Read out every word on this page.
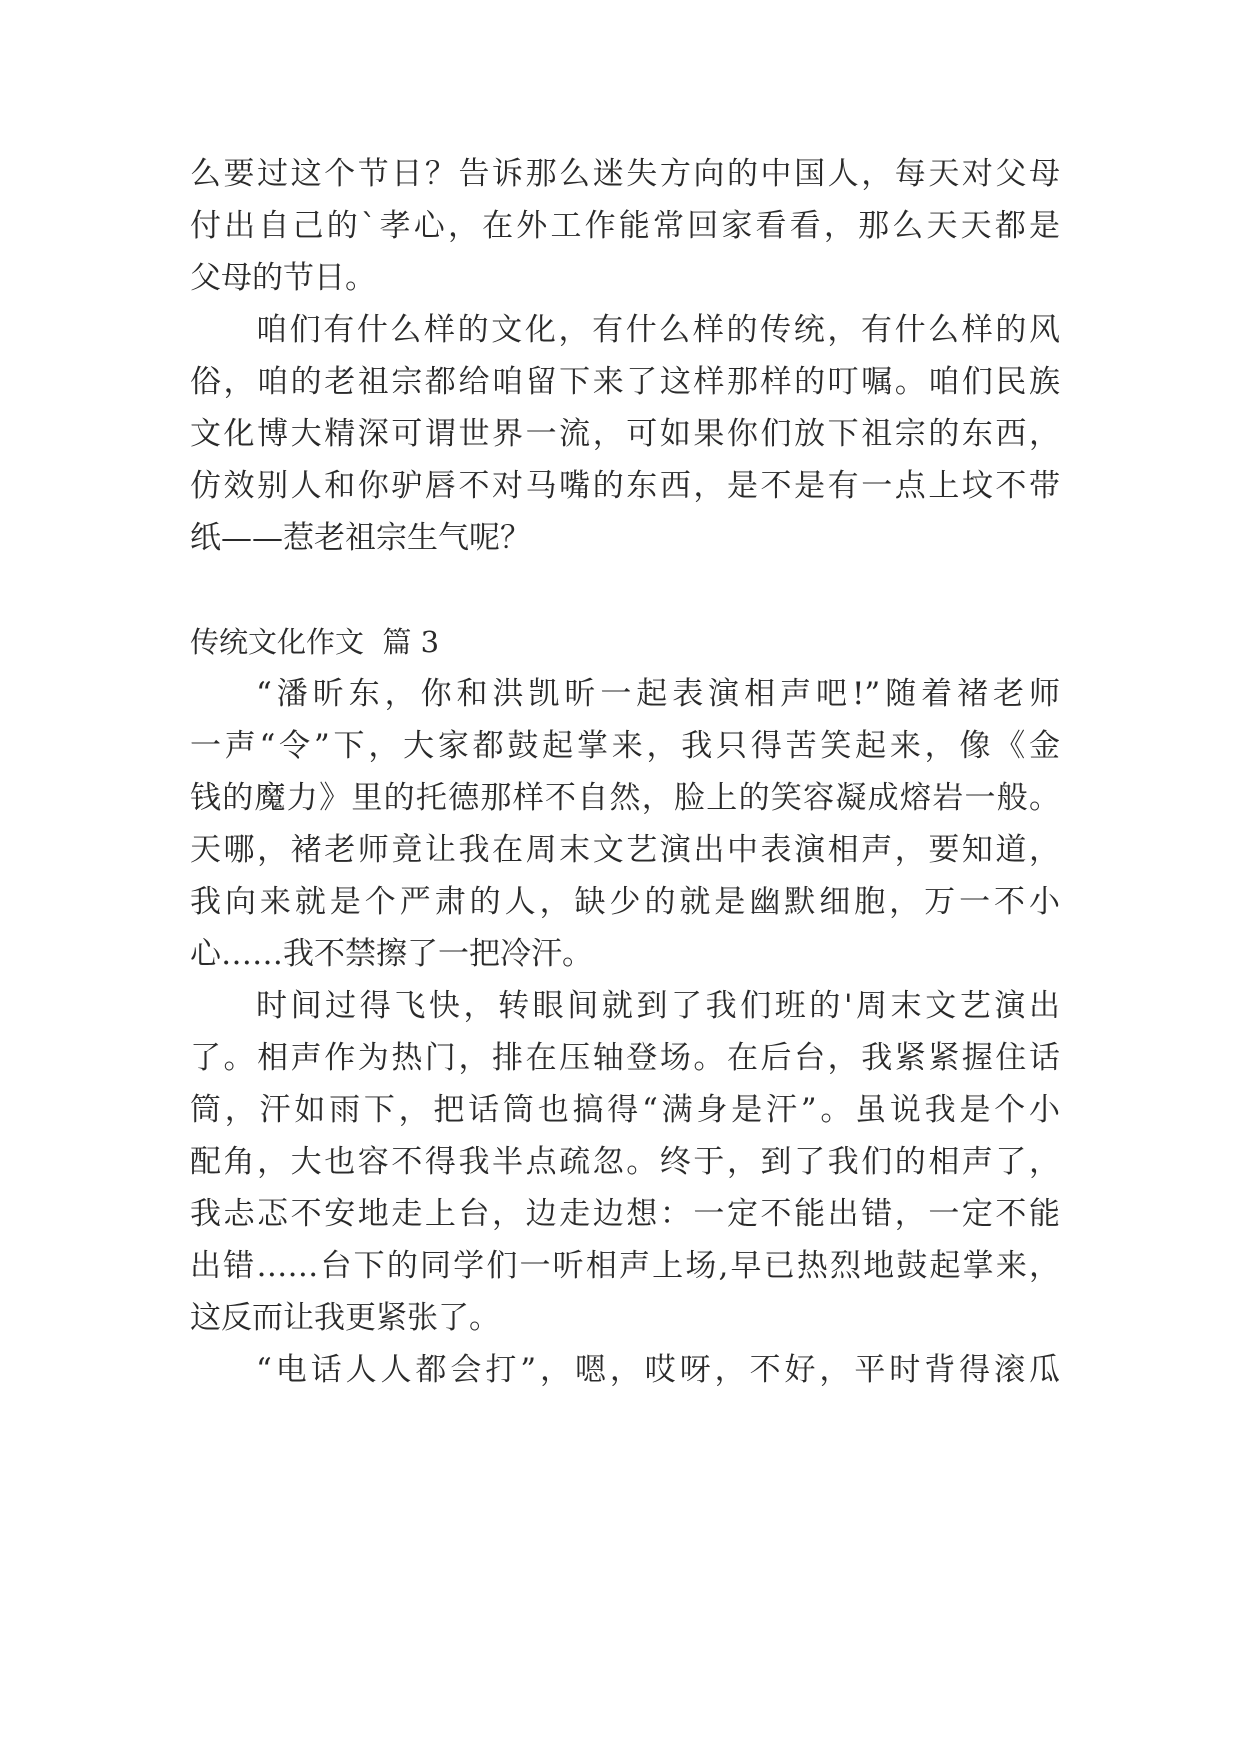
么要过这个节日？告诉那么迷失方向的中国人，每天对父母
付出自己的`孝心，在外工作能常回家看看，那么天天都是
父母的节日。
咱们有什么样的文化，有什么样的传统，有什么样的风
俗，咱的老祖宗都给咱留下来了这样那样的叮嘱。咱们民族
文化博大精深可谓世界一流，可如果你们放下祖宗的东西，
仿效别人和你驴唇不对马嘴的东西，是不是有一点上坟不带
纸——惹老祖宗生气呢？
传统文化作文  篇 3
“潘昕东，你和洪凯昕一起表演相声吧!”随着褚老师
一声“令”下，大家都鼓起掌来，我只得苦笑起来，像《金
钱的魔力》里的托德那样不自然，脸上的笑容凝成熔岩一般。
天哪，褚老师竟让我在周末文艺演出中表演相声，要知道，
我向来就是个严肃的人，缺少的就是幽默细胞，万一不小
心……我不禁擦了一把冷汗。
时间过得飞快，转眼间就到了我们班的'周末文艺演出
了。相声作为热门，排在压轴登场。在后台，我紧紧握住话
筒，汗如雨下，把话筒也搞得“满身是汗”。虽说我是个小
配角，大也容不得我半点疏忽。终于，到了我们的相声了，
我忐忑不安地走上台，边走边想：一定不能出错，一定不能
出错……台下的同学们一听相声上场,早已热烈地鼓起掌来，
这反而让我更紧张了。
“电话人人都会打”，嗯，哎呀，不好，平时背得滚瓜
